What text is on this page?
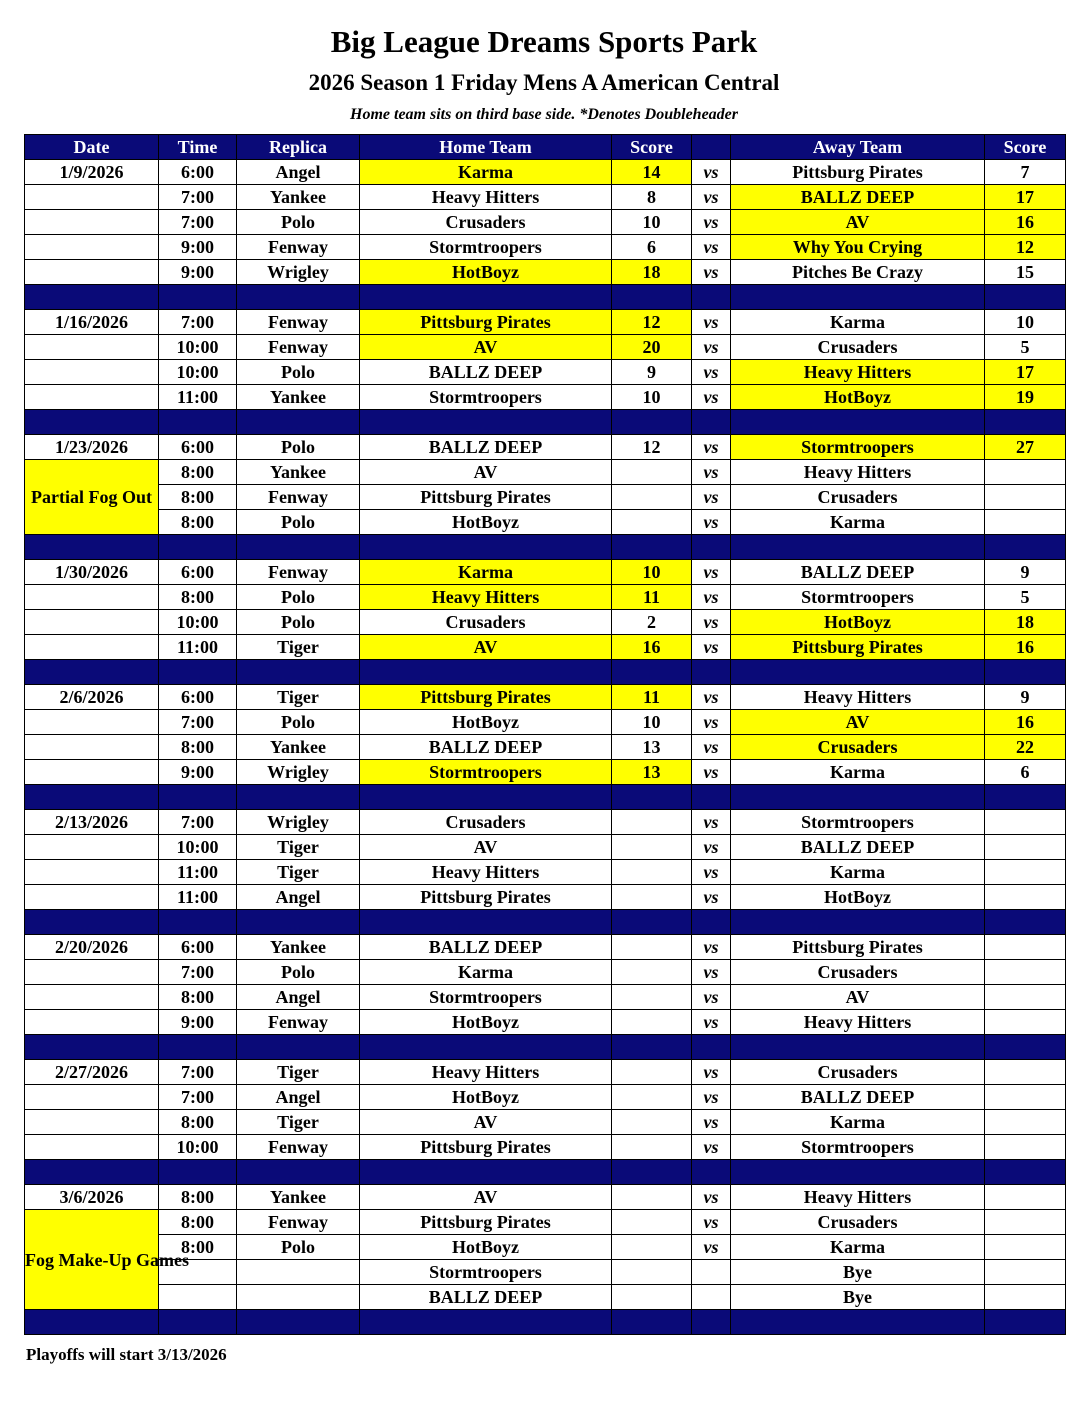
Big League Dreams Sports Park
2026 Season 1 Friday Mens A American Central
Home team sits on third base side. *Denotes Doubleheader
Date	Time	Replica	Home Team	Score		Away Team	Score
1/9/2026	6:00	Angel	Karma	14	vs	Pittsburg Pirates	7
	7:00	Yankee	Heavy Hitters	8	vs	BALLZ DEEP	17
	7:00	Polo	Crusaders	10	vs	AV	16
	9:00	Fenway	Stormtroopers	6	vs	Why You Crying	12
	9:00	Wrigley	HotBoyz	18	vs	Pitches Be Crazy	15

1/16/2026	7:00	Fenway	Pittsburg Pirates	12	vs	Karma	10
	10:00	Fenway	AV	20	vs	Crusaders	5
	10:00	Polo	BALLZ DEEP	9	vs	Heavy Hitters	17
	11:00	Yankee	Stormtroopers	10	vs	HotBoyz	19

1/23/2026	6:00	Polo	BALLZ DEEP	12	vs	Stormtroopers	27
Partial Fog Out	8:00	Yankee	AV		vs	Heavy Hitters	
	8:00	Fenway	Pittsburg Pirates		vs	Crusaders	
	8:00	Polo	HotBoyz		vs	Karma	

1/30/2026	6:00	Fenway	Karma	10	vs	BALLZ DEEP	9
	8:00	Polo	Heavy Hitters	11	vs	Stormtroopers	5
	10:00	Polo	Crusaders	2	vs	HotBoyz	18
	11:00	Tiger	AV	16	vs	Pittsburg Pirates	16

2/6/2026	6:00	Tiger	Pittsburg Pirates	11	vs	Heavy Hitters	9
	7:00	Polo	HotBoyz	10	vs	AV	16
	8:00	Yankee	BALLZ DEEP	13	vs	Crusaders	22
	9:00	Wrigley	Stormtroopers	13	vs	Karma	6

2/13/2026	7:00	Wrigley	Crusaders		vs	Stormtroopers	
	10:00	Tiger	AV		vs	BALLZ DEEP	
	11:00	Tiger	Heavy Hitters		vs	Karma	
	11:00	Angel	Pittsburg Pirates		vs	HotBoyz	

2/20/2026	6:00	Yankee	BALLZ DEEP		vs	Pittsburg Pirates	
	7:00	Polo	Karma		vs	Crusaders	
	8:00	Angel	Stormtroopers		vs	AV	
	9:00	Fenway	HotBoyz		vs	Heavy Hitters	

2/27/2026	7:00	Tiger	Heavy Hitters		vs	Crusaders	
	7:00	Angel	HotBoyz		vs	BALLZ DEEP	
	8:00	Tiger	AV		vs	Karma	
	10:00	Fenway	Pittsburg Pirates		vs	Stormtroopers	

3/6/2026	8:00	Yankee	AV		vs	Heavy Hitters	
Fog Make-Up Games	8:00	Fenway	Pittsburg Pirates		vs	Crusaders	
	8:00	Polo	HotBoyz		vs	Karma	
			Stormtroopers			Bye	
			BALLZ DEEP			Bye	

Playoffs will start 3/13/2026
